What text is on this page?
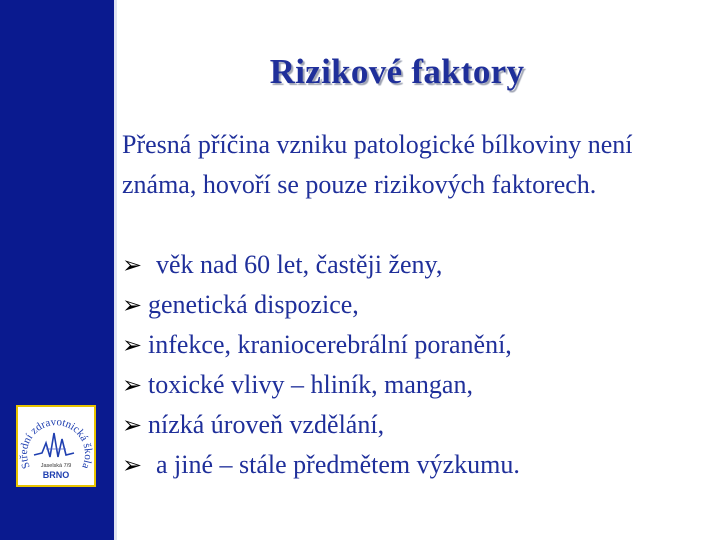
Střední zdravotnická škola
Jaselská 7/9
BRNO
Rizikové faktory
Přesná příčina vzniku patologické bílkoviny není známa, hovoří se pouze rizikových faktorech.
➢ věk nad 60 let, častěji ženy,
➢ genetická dispozice,
➢ infekce, kraniocerebrální poranění,
➢ toxické vlivy – hliník, mangan,
➢ nízká úroveň vzdělání,
➢ a jiné – stále předmětem výzkumu.
